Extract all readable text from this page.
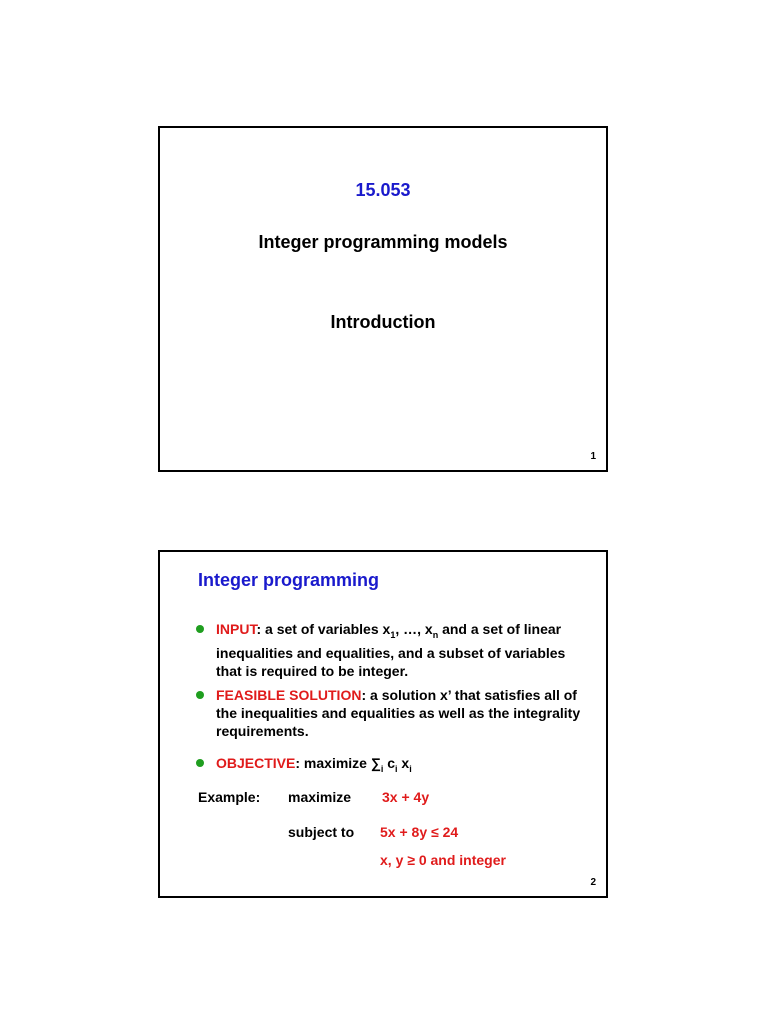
15.053
Integer programming models
Introduction
1
Integer programming
INPUT: a set of variables $x_1$, …, $x_n$ and a set of linear inequalities and equalities, and a subset of variables that is required to be integer.
FEASIBLE SOLUTION: a solution x’ that satisfies all of the inequalities and equalities as well as the integrality requirements.
OBJECTIVE: maximize $\sum_i$ $c_i$ $x_i$
Example: maximize 3x + 4y
subject to 5x + 8y ≤ 24
x, y ≥ 0 and integer
2
